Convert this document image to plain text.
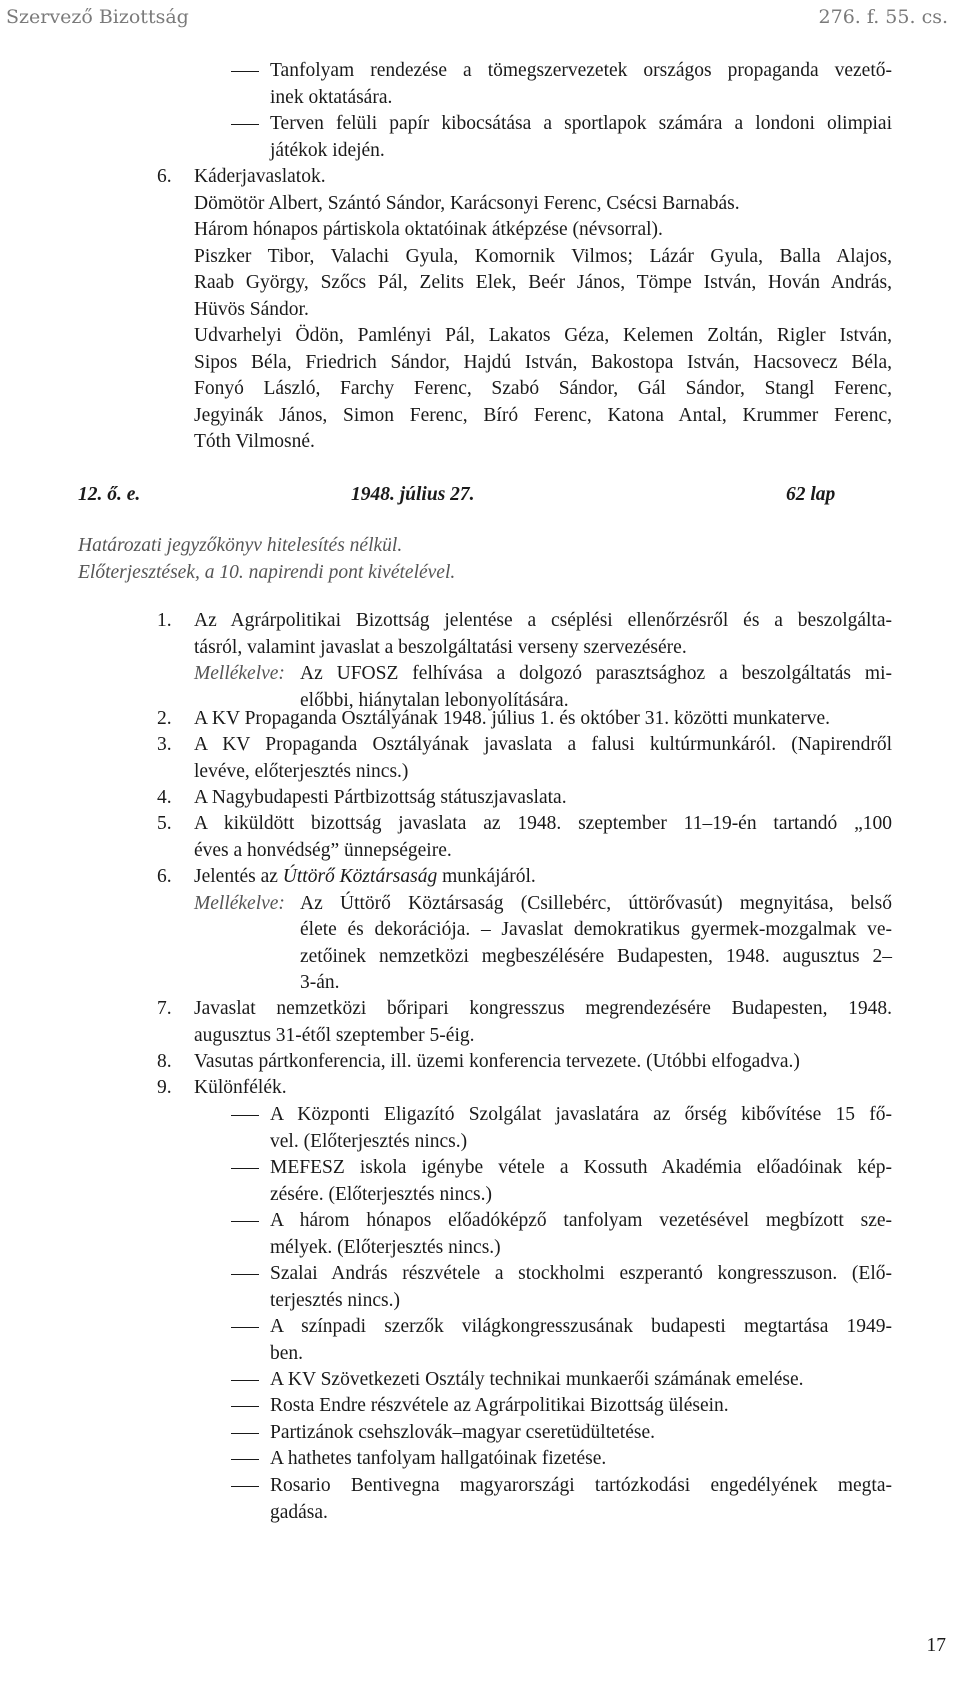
Szervező Bizottság	276. f. 55. cs.
Tanfolyam rendezése a tömegszervezetek országos propaganda vezető-
inek oktatására.
Terven felüli papír kibocsátása a sportlapok számára a londoni olimpiai
játékok idején.
6. Káderjavaslatok.
Dömötör Albert, Szántó Sándor, Karácsonyi Ferenc, Csécsi Barnabás.
Három hónapos pártiskola oktatóinak átképzése (névsorral).
Piszker Tibor, Valachi Gyula, Komornik Vilmos; Lázár Gyula, Balla Alajos,
Raab György, Szőcs Pál, Zelits Elek, Beér János, Tömpe István, Hován András,
Hüvös Sándor.
Udvarhelyi Ödön, Pamlényi Pál, Lakatos Géza, Kelemen Zoltán, Rigler István,
Sipos Béla, Friedrich Sándor, Hajdú István, Bakostopa István, Hacsovecz Béla,
Fonyó László, Farchy Ferenc, Szabó Sándor, Gál Sándor, Stangl Ferenc,
Jegyinák János, Simon Ferenc, Bíró Ferenc, Katona Antal, Krummer Ferenc,
Tóth Vilmosné.
12. ő. e.	1948. július 27.	62 lap
Határozati jegyzőkönyv hitelesítés nélkül.
Előterjesztések, a 10. napirendi pont kivételével.
1. Az Agrárpolitikai Bizottság jelentése a cséplési ellenőrzésről és a beszolgálta-
tásról, valamint javaslat a beszolgáltatási verseny szervezésére.
Mellékelve: Az UFOSZ felhívása a dolgozó parasztsághoz a beszolgáltatás mi-
előbbi, hiánytalan lebonyolítására.
2. A KV Propaganda Osztályának 1948. július 1. és október 31. közötti munkaterve.
3. A KV Propaganda Osztályának javaslata a falusi kultúrmunkáról. (Napirendről
levéve, előterjesztés nincs.)
4. A Nagybudapesti Pártbizottság státuszjavaslata.
5. A kiküldött bizottság javaslata az 1948. szeptember 11–19-én tartandó „100
éves a honvédség” ünnepségeire.
6. Jelentés az Úttörő Köztársaság munkájáról.
Mellékelve: Az Úttörő Köztársaság (Csillebérc, úttörővasút) megnyitása, belső
élete és dekorációja. – Javaslat demokratikus gyermek-mozgalmak ve-
zetőinek nemzetközi megbeszélésére Budapesten, 1948. augusztus 2–
3-án.
7. Javaslat nemzetközi bőripari kongresszus megrendezésére Budapesten, 1948.
augusztus 31-étől szeptember 5-éig.
8. Vasutas pártkonferencia, ill. üzemi konferencia tervezete. (Utóbbi elfogadva.)
9. Különfélék.
A Központi Eligazító Szolgálat javaslatára az őrség kibővítése 15 fő-
vel. (Előterjesztés nincs.)
MEFESZ iskola igénybe vétele a Kossuth Akadémia előadóinak kép-
zésére. (Előterjesztés nincs.)
A három hónapos előadóképző tanfolyam vezetésével megbízott sze-
mélyek. (Előterjesztés nincs.)
Szalai András részvétele a stockholmi eszperantó kongresszuson. (Elő-
terjesztés nincs.)
A színpadi szerzők világkongresszusának budapesti megtartása 1949-
ben.
A KV Szövetkezeti Osztály technikai munkaerői számának emelése.
Rosta Endre részvétele az Agrárpolitikai Bizottság ülésein.
Partizánok csehszlovák–magyar cseretüdültetése.
A hathetes tanfolyam hallgatóinak fizetése.
Rosario Bentivegna magyarországi tartózkodási engedélyének megta-
gadása.
17
